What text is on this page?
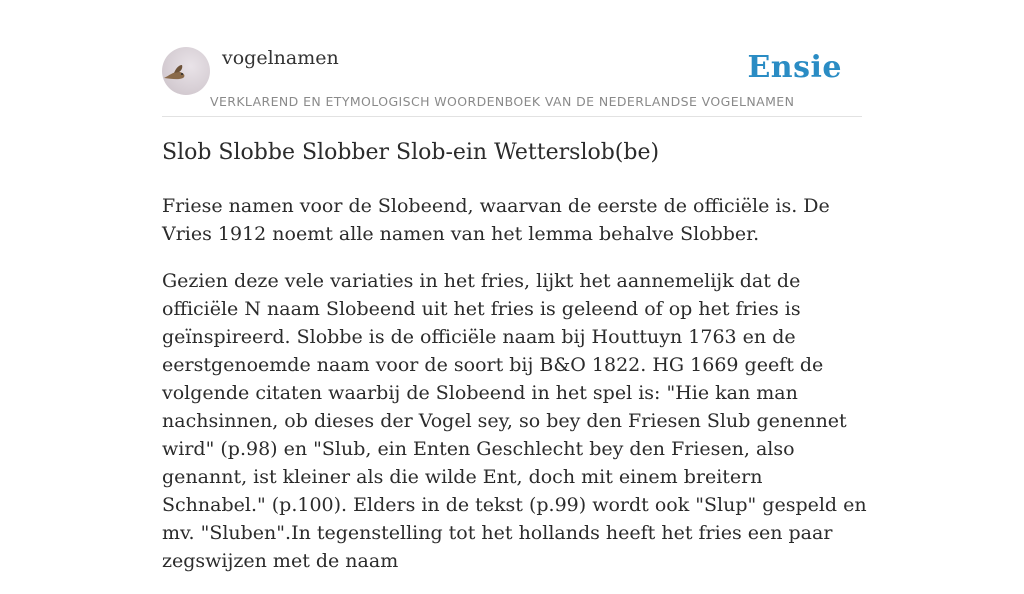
vogelnamen	Ensie
VERKLAREND EN ETYMOLOGISCH WOORDENBOEK VAN DE NEDERLANDSE VOGELNAMEN
Slob Slobbe Slobber Slob-ein Wetterslob(be)

Friese namen voor de Slobeend, waarvan de eerste de officiële is. De Vries 1912 noemt alle namen van het lemma behalve Slobber.

Gezien deze vele variaties in het fries, lijkt het aannemelijk dat de officiële N naam Slobeend uit het fries is geleend of op het fries is geïnspireerd. Slobbe is de officiële naam bij Houttuyn 1763 en de eerstgenoemde naam voor de soort bij B&O 1822. HG 1669 geeft de volgende citaten waarbij de Slobeend in het spel is: "Hie kan man nachsinnen, ob dieses der Vogel sey, so bey den Friesen Slub genennet wird" (p.98) en "Slub, ein Enten Geschlecht bey den Friesen, also genannt, ist kleiner als die wilde Ent, doch mit einem breitern Schnabel." (p.100). Elders in de tekst (p.99) wordt ook "Slup" gespeld en mv. "Sluben".In tegenstelling tot het hollands heeft het fries een paar zegswijzen met de naam
